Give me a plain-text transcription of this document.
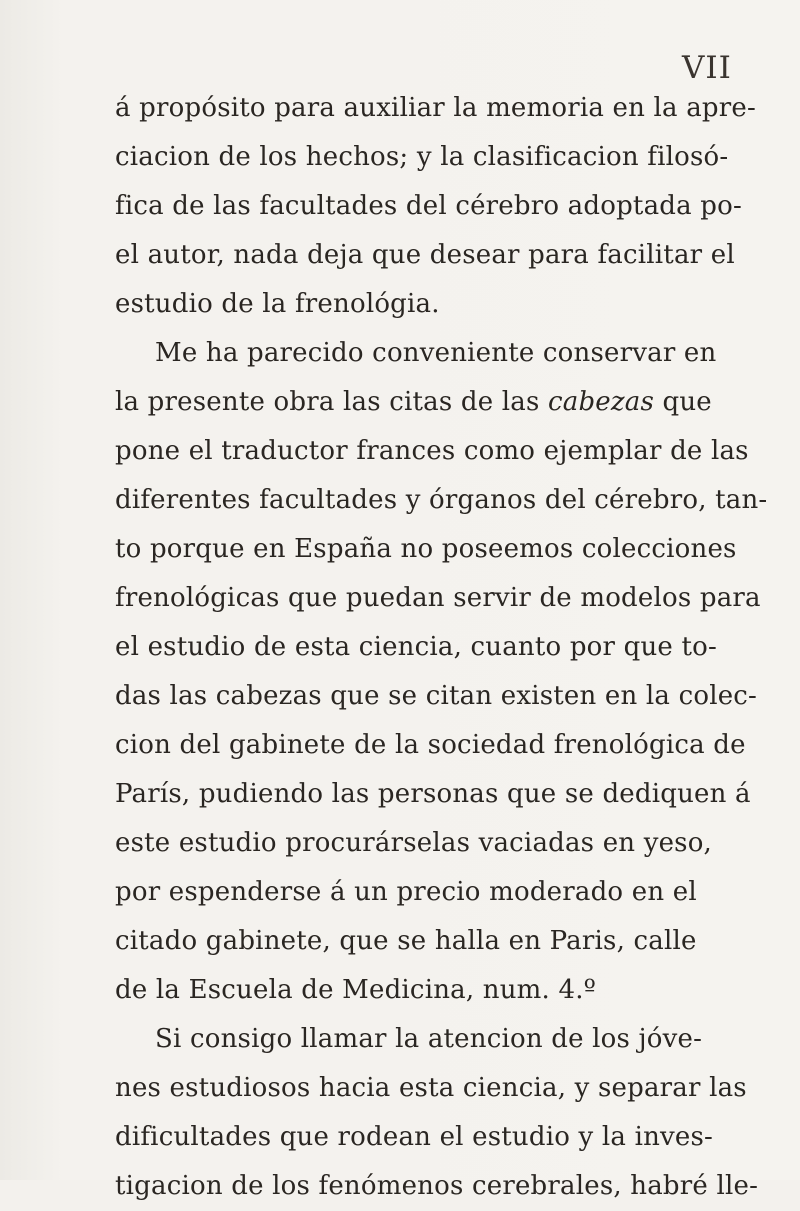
VII
á propósito para auxiliar la memoria en la apre-
ciacion de los hechos; y la clasificacion filosó-
fica de las facultades del cérebro adoptada po-
el autor, nada deja que desear para facilitar el
estudio de la frenológia.
Me ha parecido conveniente conservar en
la presente obra las citas de las cabezas que
pone el traductor frances como ejemplar de las
diferentes facultades y órganos del cérebro, tan-
to porque en España no poseemos colecciones
frenológicas que puedan servir de modelos para
el estudio de esta ciencia, cuanto por que to-
das las cabezas que se citan existen en la colec-
cion del gabinete de la sociedad frenológica de
París, pudiendo las personas que se dediquen á
este estudio procurárselas vaciadas en yeso,
por espenderse á un precio moderado en el
citado gabinete, que se halla en Paris, calle
de la Escuela de Medicina, num. 4.º
Si consigo llamar la atencion de los jóve-
nes estudiosos hacia esta ciencia, y separar las
dificultades que rodean el estudio y la inves-
tigacion de los fenómenos cerebrales, habré lle-
